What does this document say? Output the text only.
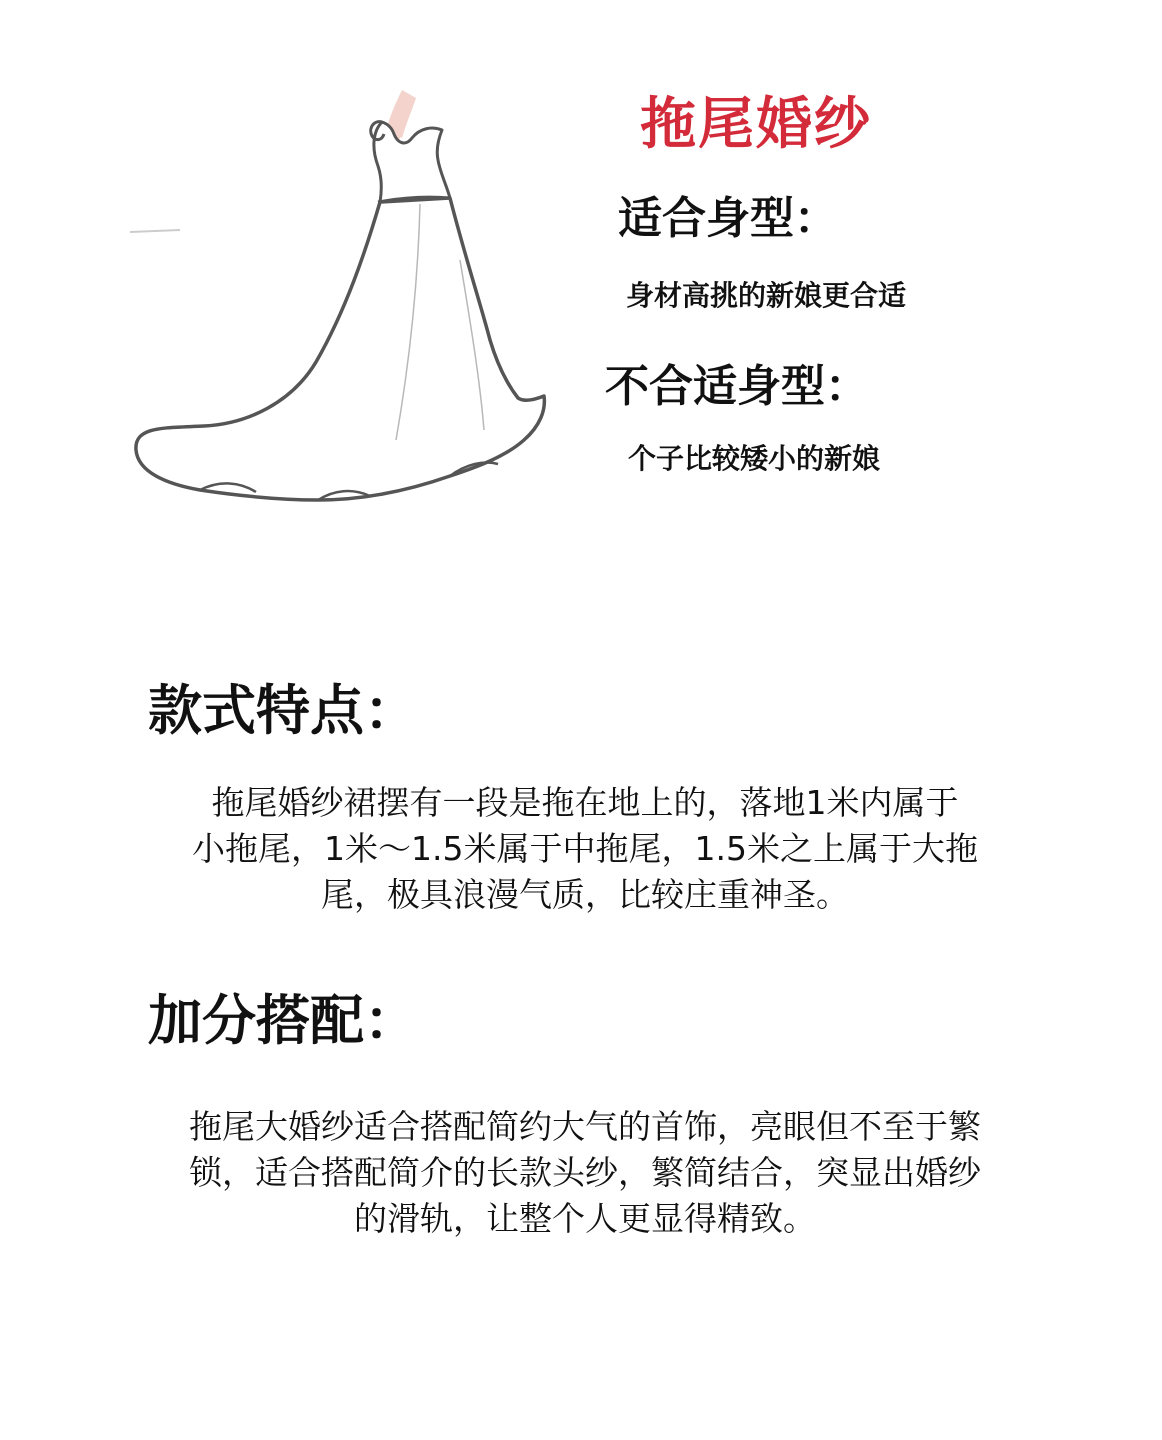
拖尾婚纱
适合身型：
身材高挑的新娘更合适
不合适身型：
个子比较矮小的新娘
款式特点：
拖尾婚纱裙摆有一段是拖在地上的，落地1米内属于
小拖尾，1米～1.5米属于中拖尾，1.5米之上属于大拖
尾，极具浪漫气质，比较庄重神圣。
加分搭配：
拖尾大婚纱适合搭配简约大气的首饰，亮眼但不至于繁
锁，适合搭配简介的长款头纱，繁简结合，突显出婚纱
的滑轨，让整个人更显得精致。
